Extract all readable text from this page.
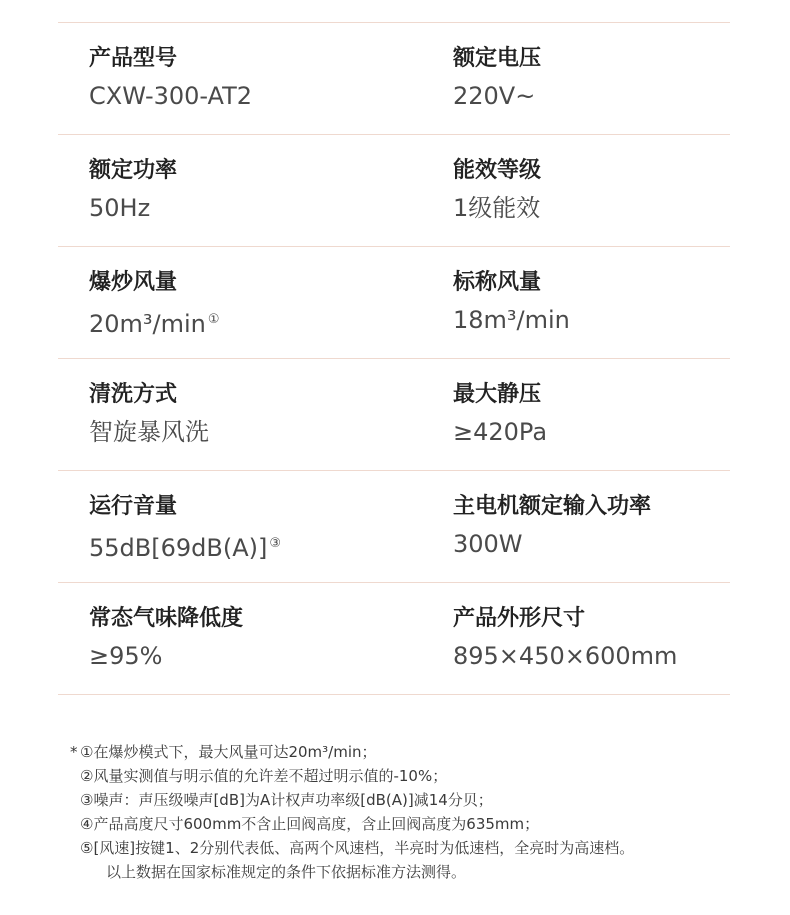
产品型号
CXW-300-AT2
额定电压
220V~
额定功率
50Hz
能效等级
1级能效
爆炒风量
20m³/min ①
标称风量
18m³/min
清洗方式
智旋暴风洗
最大静压
≥420Pa
运行音量
55dB[69dB(A)] ③
主电机额定输入功率
300W
常态气味降低度
≥95%
产品外形尺寸
895×450×600mm
* ①在爆炒模式下，最大风量可达20m³/min；
②风量实测值与明示值的允许差不超过明示值的-10%；
③噪声：声压级噪声[dB]为A计权声功率级[dB(A)]减14分贝；
④产品高度尺寸600mm不含止回阀高度，含止回阀高度为635mm；
⑤[风速]按键1、2分别代表低、高两个风速档，半亮时为低速档，全亮时为高速档。
以上数据在国家标准规定的条件下依据标准方法测得。
